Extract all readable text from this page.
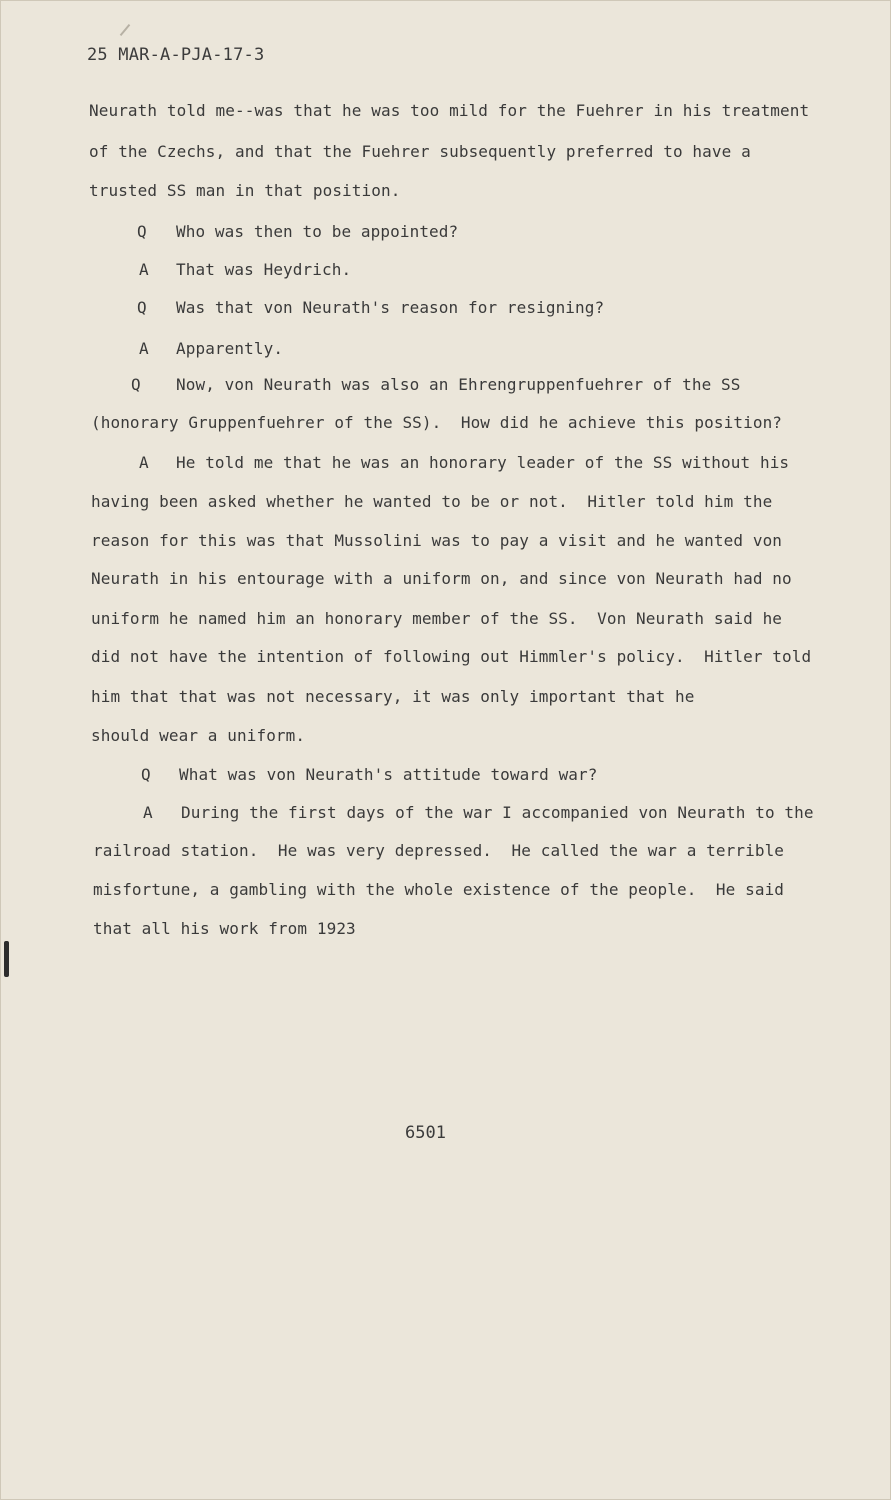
25 MAR-A-PJA-17-3
Neurath told me--was that he was too mild for the Fuehrer in his treatment
of the Czechs, and that the Fuehrer subsequently preferred to have a
trusted SS man in that position.
Q Who was then to be appointed?
A That was Heydrich.
Q Was that von Neurath's reason for resigning?
A Apparently.
Q Now, von Neurath was also an Ehrengruppenfuehrer of the SS
(honorary Gruppenfuehrer of the SS).  How did he achieve this position?
A He told me that he was an honorary leader of the SS without his
having been asked whether he wanted to be or not.  Hitler told him the
reason for this was that Mussolini was to pay a visit and he wanted von
Neurath in his entourage with a uniform on, and since von Neurath had no
uniform he named him an honorary member of the SS.  Von Neurath said he
did not have the intention of following out Himmler's policy.  Hitler told
him that that was not necessary, it was only important that he
should wear a uniform.
Q What was von Neurath's attitude toward war?
A During the first days of the war I accompanied von Neurath to the
railroad station.  He was very depressed.  He called the war a terrible
misfortune, a gambling with the whole existence of the people.  He said
that all his work from 1923
6501
